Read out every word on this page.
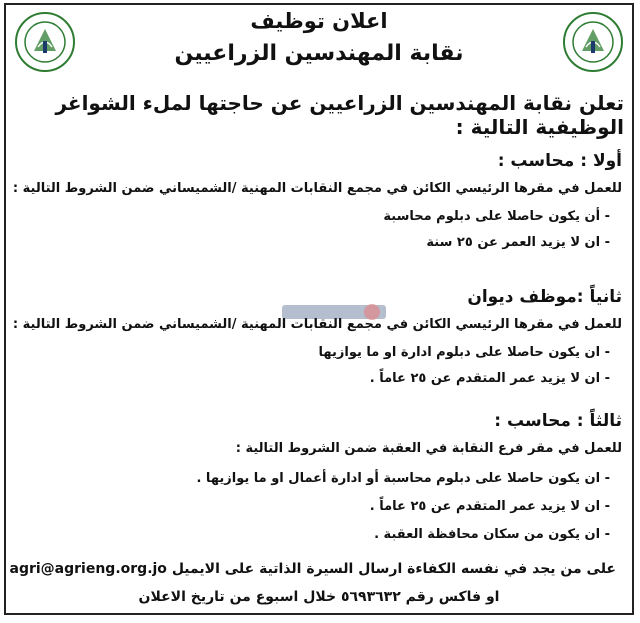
اعلان توظيف
نقابة المهندسين الزراعيين
تعلن نقابة المهندسين الزراعيين عن حاجتها لملء الشواغر الوظيفية التالية :
أولا : محاسب :
للعمل في مقرها الرئيسي الكائن في مجمع النقابات المهنية /الشميساني ضمن الشروط التالية :
- أن يكون حاصلا على دبلوم محاسبة
- ان لا يزيد العمر عن ٢٥ سنة
ثانياً :موظف ديوان
للعمل في مقرها الرئيسي الكائن في مجمع النقابات المهنية /الشميساني ضمن الشروط التالية :
- ان يكون حاصلا على دبلوم ادارة او ما يوازيها
- ان لا يزيد عمر المتقدم عن ٢٥ عاماً .
ثالثاً : محاسب :
للعمل في مقر فرع النقابة في العقبة ضمن الشروط التالية :
- ان يكون حاصلا على دبلوم محاسبة أو ادارة أعمال او ما يوازيها .
- ان لا يزيد عمر المتقدم عن ٢٥ عاماً .
- ان يكون من سكان محافظة العقبة .
على من يجد في نفسه الكفاءة ارسال السيرة الذاتية على الايميل agri@agrieng.org.jo
او فاكس رقم ٥٦٩٣٦٣٢ خلال اسبوع من تاريخ الاعلان
